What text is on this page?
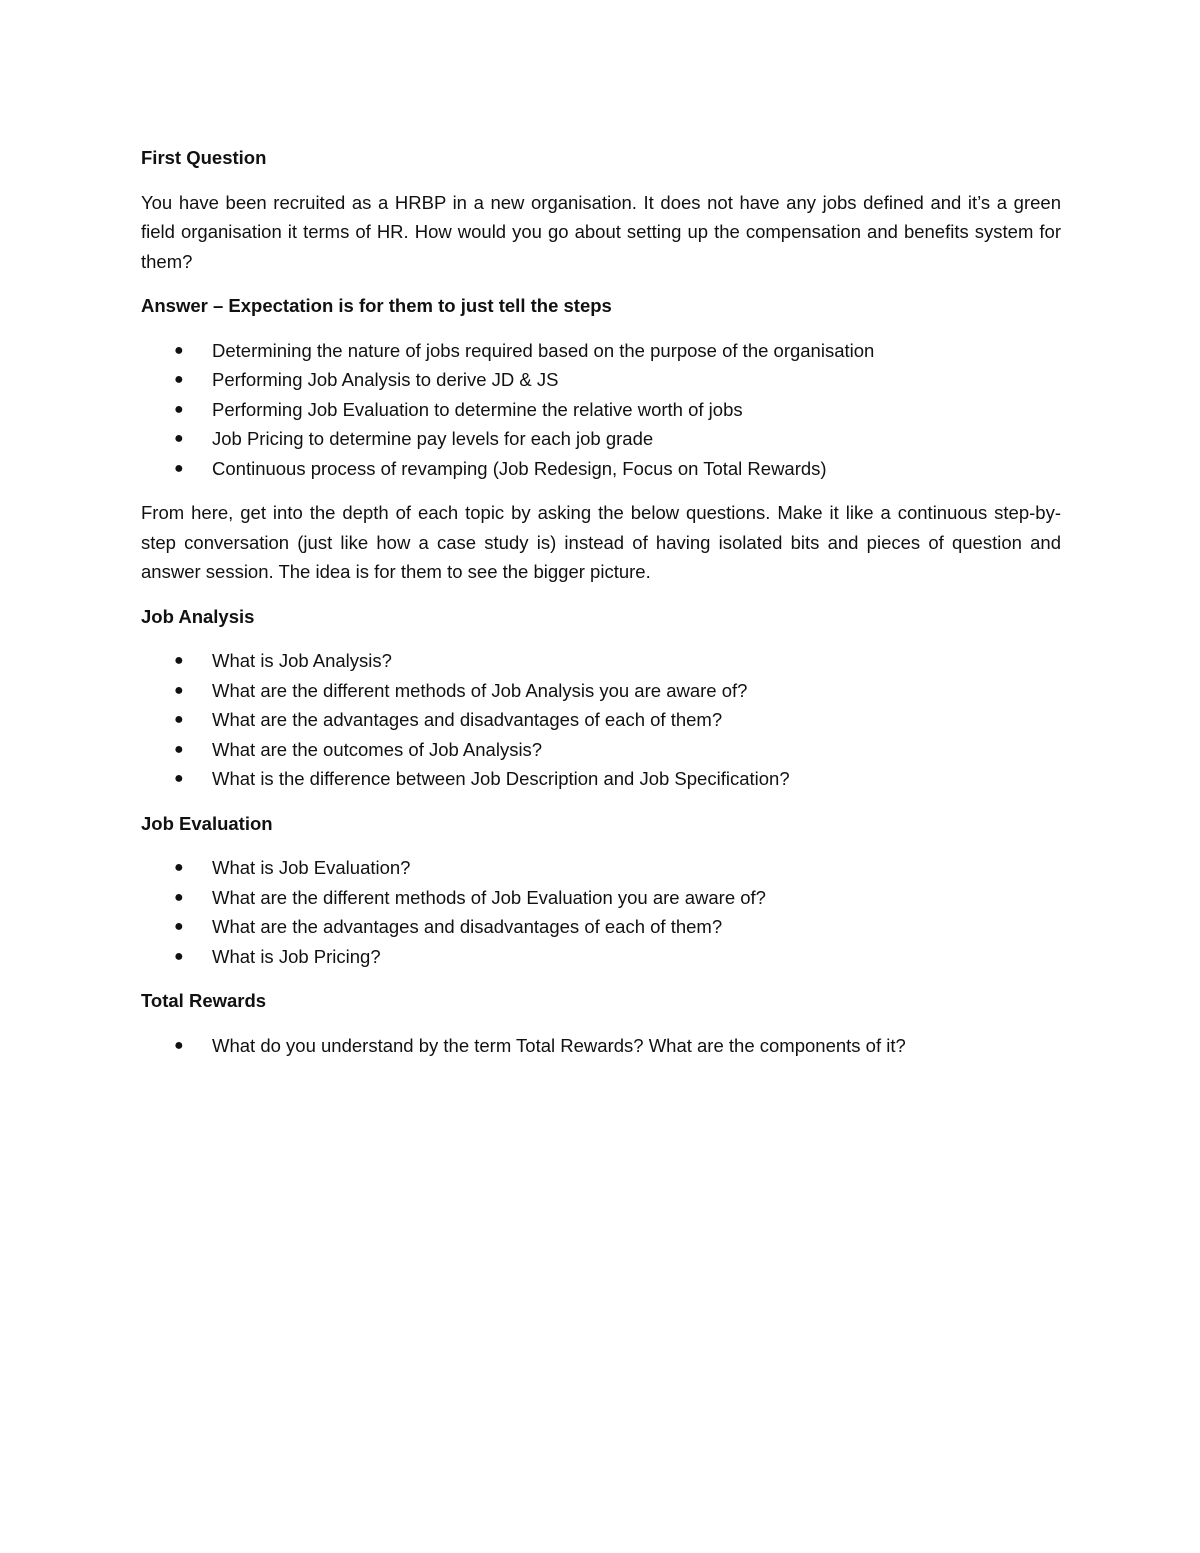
First Question
You have been recruited as a HRBP in a new organisation. It does not have any jobs defined and it’s a green field organisation it terms of HR. How would you go about setting up the compensation and benefits system for them?
Answer – Expectation is for them to just tell the steps
● Determining the nature of jobs required based on the purpose of the organisation
● Performing Job Analysis to derive JD & JS
● Performing Job Evaluation to determine the relative worth of jobs
● Job Pricing to determine pay levels for each job grade
● Continuous process of revamping (Job Redesign, Focus on Total Rewards)
From here, get into the depth of each topic by asking the below questions. Make it like a continuous step-by-step conversation (just like how a case study is) instead of having isolated bits and pieces of question and answer session. The idea is for them to see the bigger picture.
Job Analysis
● What is Job Analysis?
● What are the different methods of Job Analysis you are aware of?
● What are the advantages and disadvantages of each of them?
● What are the outcomes of Job Analysis?
● What is the difference between Job Description and Job Specification?
Job Evaluation
● What is Job Evaluation?
● What are the different methods of Job Evaluation you are aware of?
● What are the advantages and disadvantages of each of them?
● What is Job Pricing?
Total Rewards
● What do you understand by the term Total Rewards? What are the components of it?
